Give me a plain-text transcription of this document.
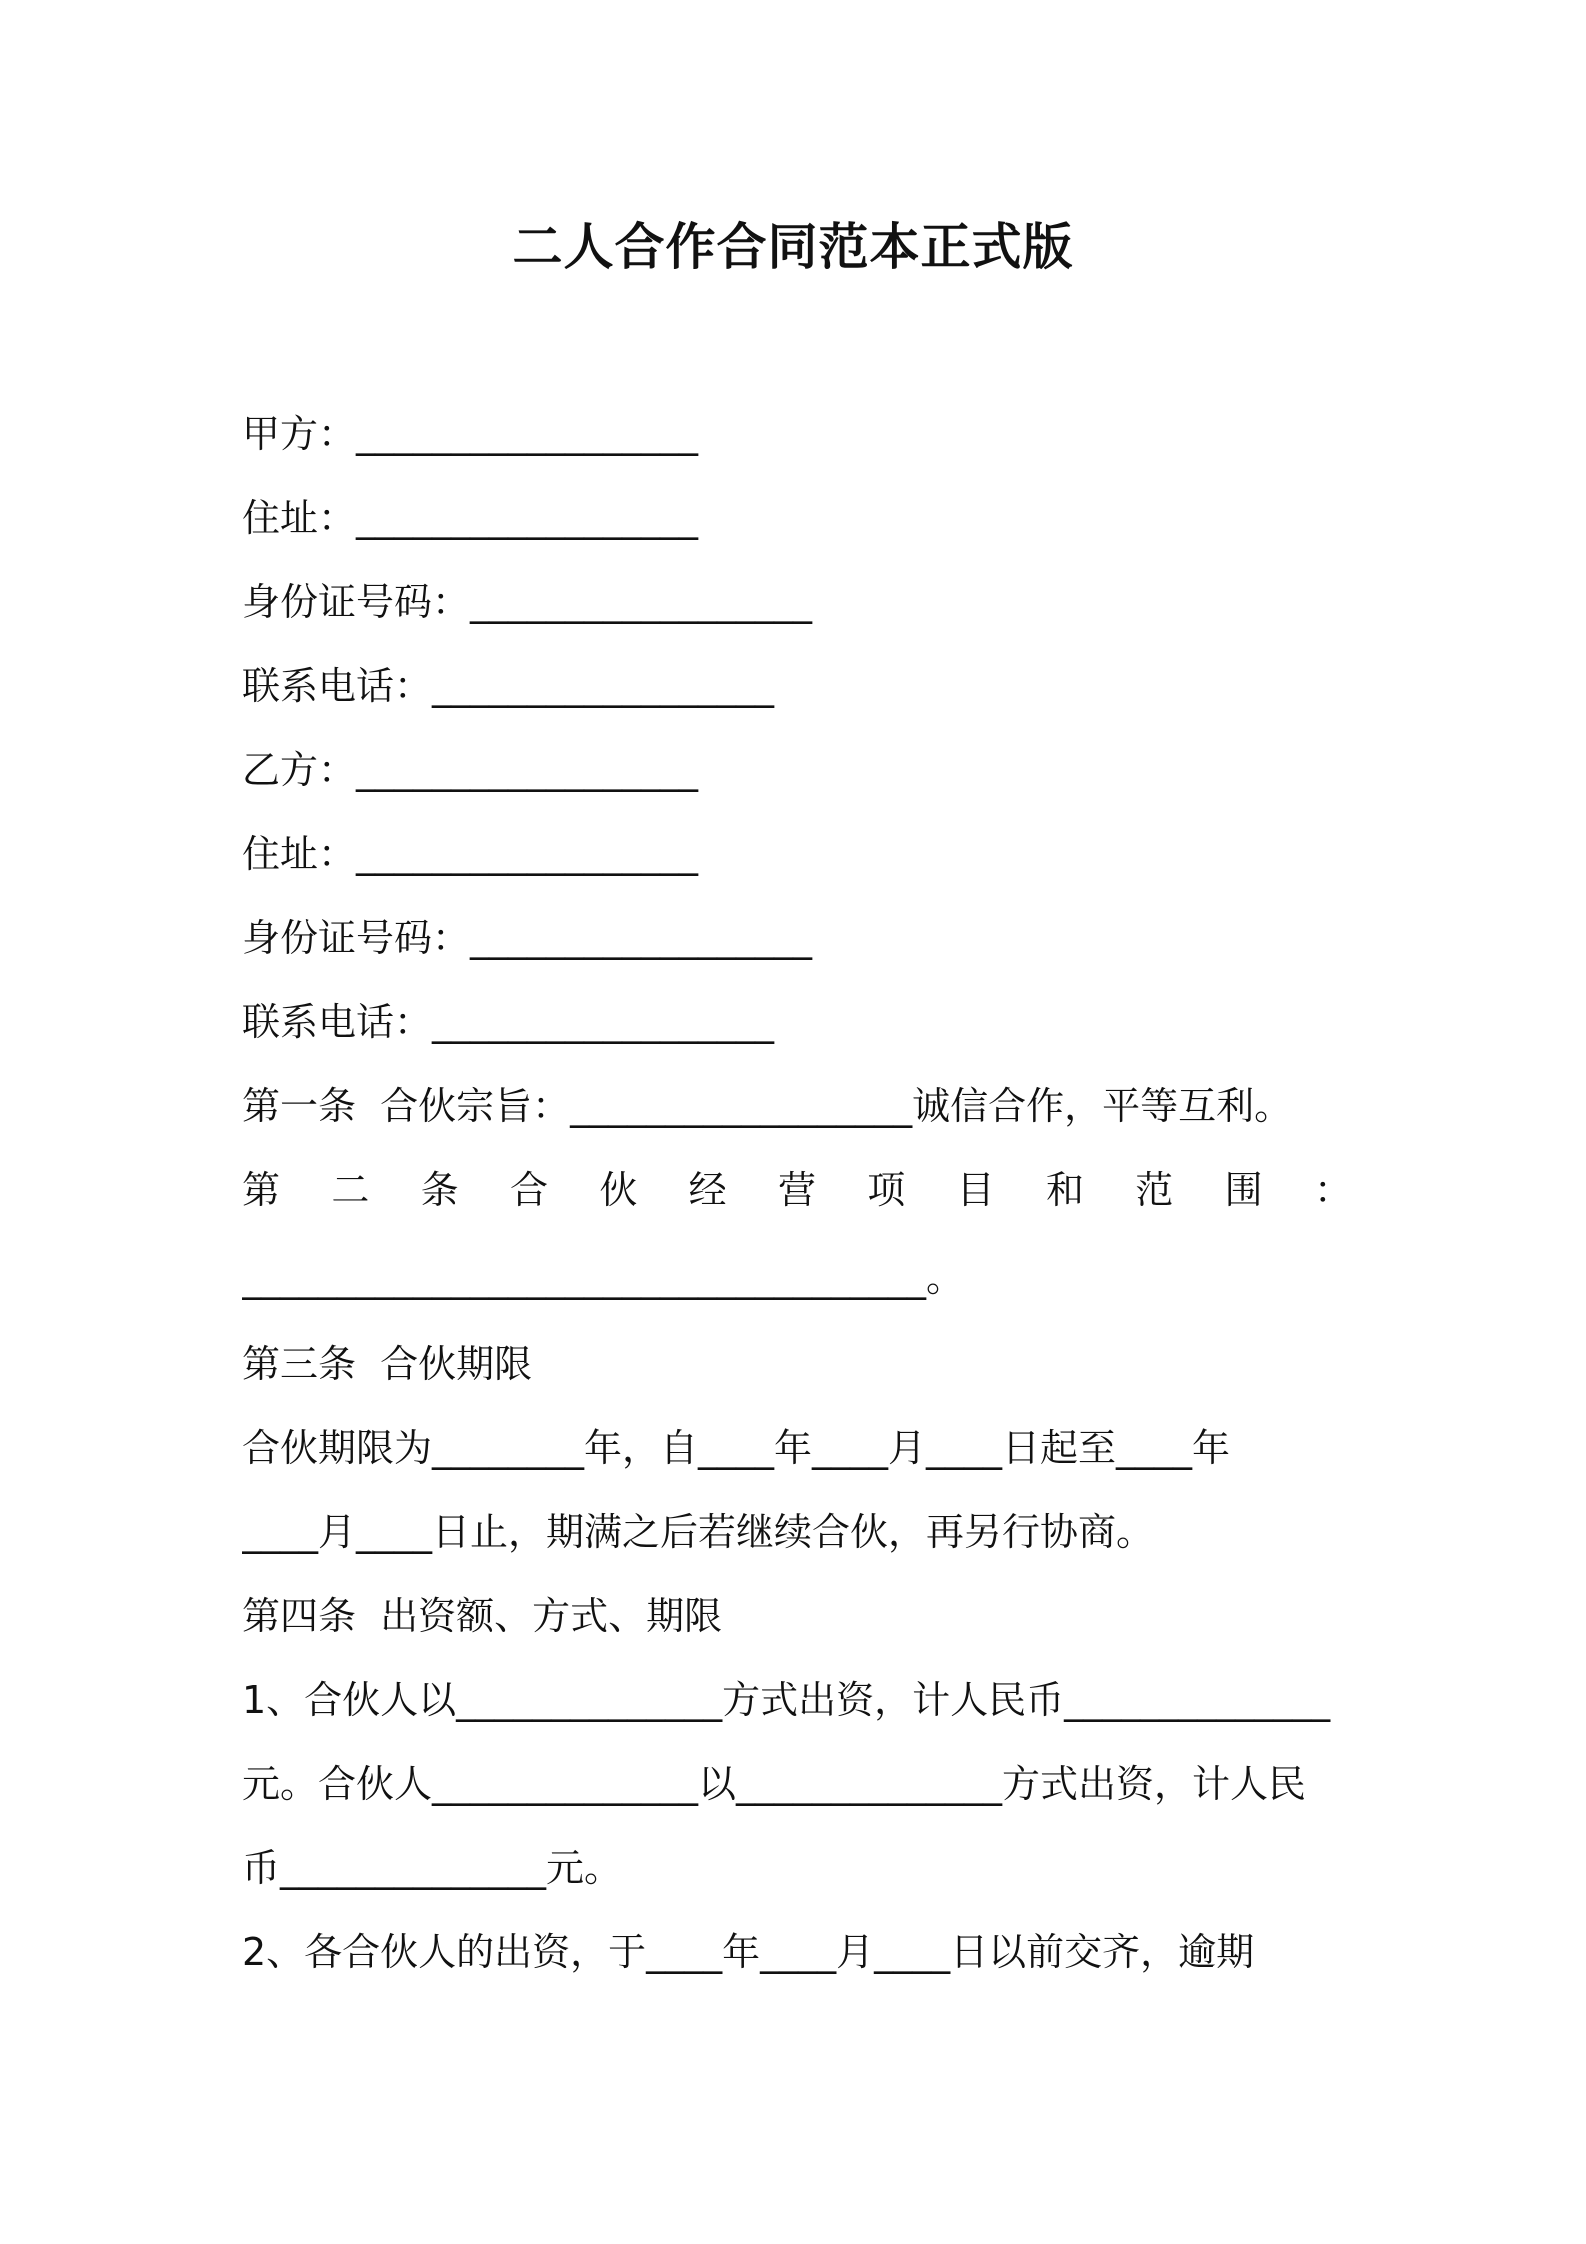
二人合作合同范本正式版
甲方：__________________
住址：__________________
身份证号码：__________________
联系电话：__________________
乙方：__________________
住址：__________________
身份证号码：__________________
联系电话：__________________
第一条  合伙宗旨：__________________诚信合作，平等互利。
第 二 条 合 伙 经 营 项 目 和 范 围 ：
____________________________________。
第三条  合伙期限
合伙期限为________年，自____年____月____日起至____年
____月____日止，期满之后若继续合伙，再另行协商。
第四条  出资额、方式、期限
1、合伙人以______________方式出资，计人民币______________
元。合伙人______________以______________方式出资，计人民
币______________元。
2、各合伙人的出资，于____年____月____日以前交齐，逾期
